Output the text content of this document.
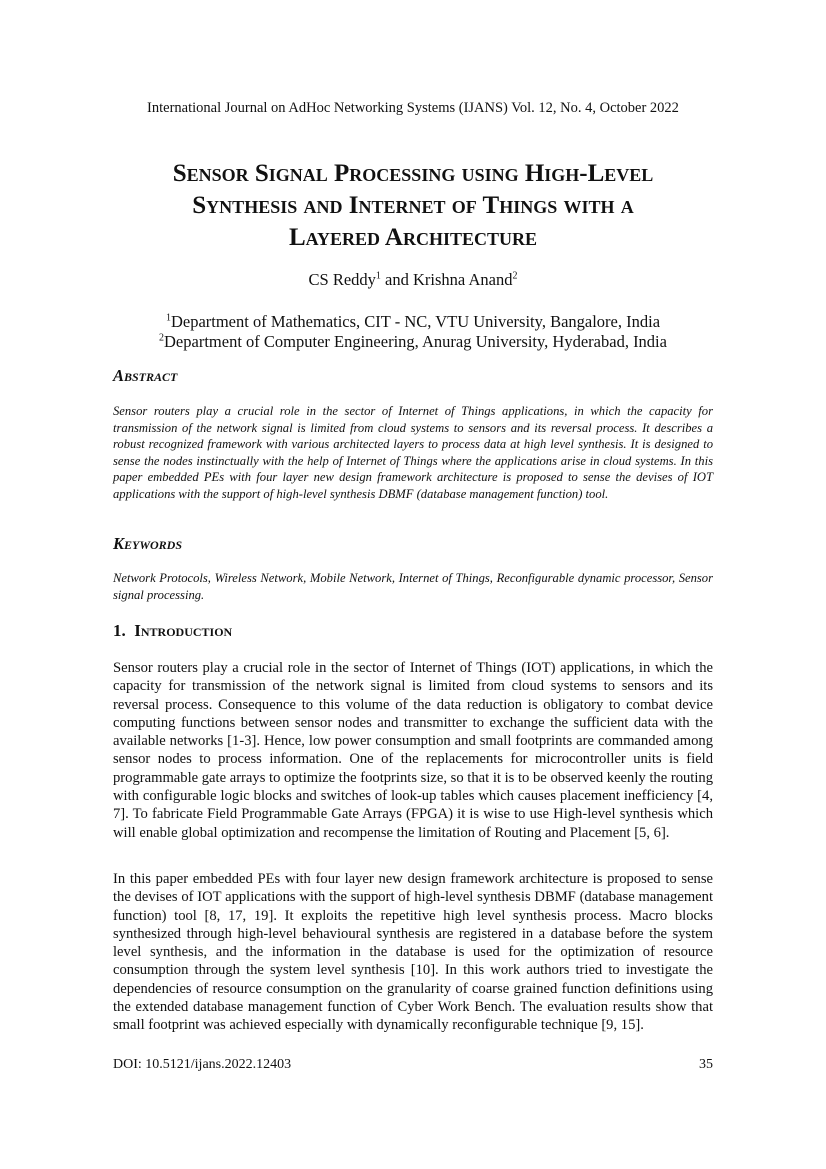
International Journal on AdHoc Networking Systems (IJANS) Vol. 12, No. 4, October 2022
Sensor Signal Processing using High-Level
Synthesis and Internet of Things with a
Layered Architecture
CS Reddy$^1$ and Krishna Anand$^2$
$^1$Department of Mathematics, CIT - NC, VTU University, Bangalore, India
$^2$Department of Computer Engineering, Anurag University, Hyderabad, India
Abstract
Sensor routers play a crucial role in the sector of Internet of Things applications, in which the capacity for transmission of the network signal is limited from cloud systems to sensors and its reversal process. It describes a robust recognized framework with various architected layers to process data at high level synthesis. It is designed to sense the nodes instinctually with the help of Internet of Things where the applications arise in cloud systems. In this paper embedded PEs with four layer new design framework architecture is proposed to sense the devises of IOT applications with the support of high-level synthesis DBMF (database management function) tool.
Keywords
Network Protocols, Wireless Network, Mobile Network, Internet of Things, Reconfigurable dynamic processor, Sensor signal processing.
1. Introduction
Sensor routers play a crucial role in the sector of Internet of Things (IOT) applications, in which the capacity for transmission of the network signal is limited from cloud systems to sensors and its reversal process. Consequence to this volume of the data reduction is obligatory to combat device computing functions between sensor nodes and transmitter to exchange the sufficient data with the available networks [1-3]. Hence, low power consumption and small footprints are commanded among sensor nodes to process information. One of the replacements for microcontroller units is field programmable gate arrays to optimize the footprints size, so that it is to be observed keenly the routing with configurable logic blocks and switches of look-up tables which causes placement inefficiency [4, 7]. To fabricate Field Programmable Gate Arrays (FPGA) it is wise to use High-level synthesis which will enable global optimization and recompense the limitation of Routing and Placement [5, 6].
In this paper embedded PEs with four layer new design framework architecture is proposed to sense the devises of IOT applications with the support of high-level synthesis DBMF (database management function) tool [8, 17, 19]. It exploits the repetitive high level synthesis process. Macro blocks synthesized through high-level behavioural synthesis are registered in a database before the system level synthesis, and the information in the database is used for the optimization of resource consumption through the system level synthesis [10]. In this work authors tried to investigate the dependencies of resource consumption on the granularity of coarse grained function definitions using the extended database management function of Cyber Work Bench. The evaluation results show that small footprint was achieved especially with dynamically reconfigurable technique [9, 15].
DOI: 10.5121/ijans.2022.12403	35
